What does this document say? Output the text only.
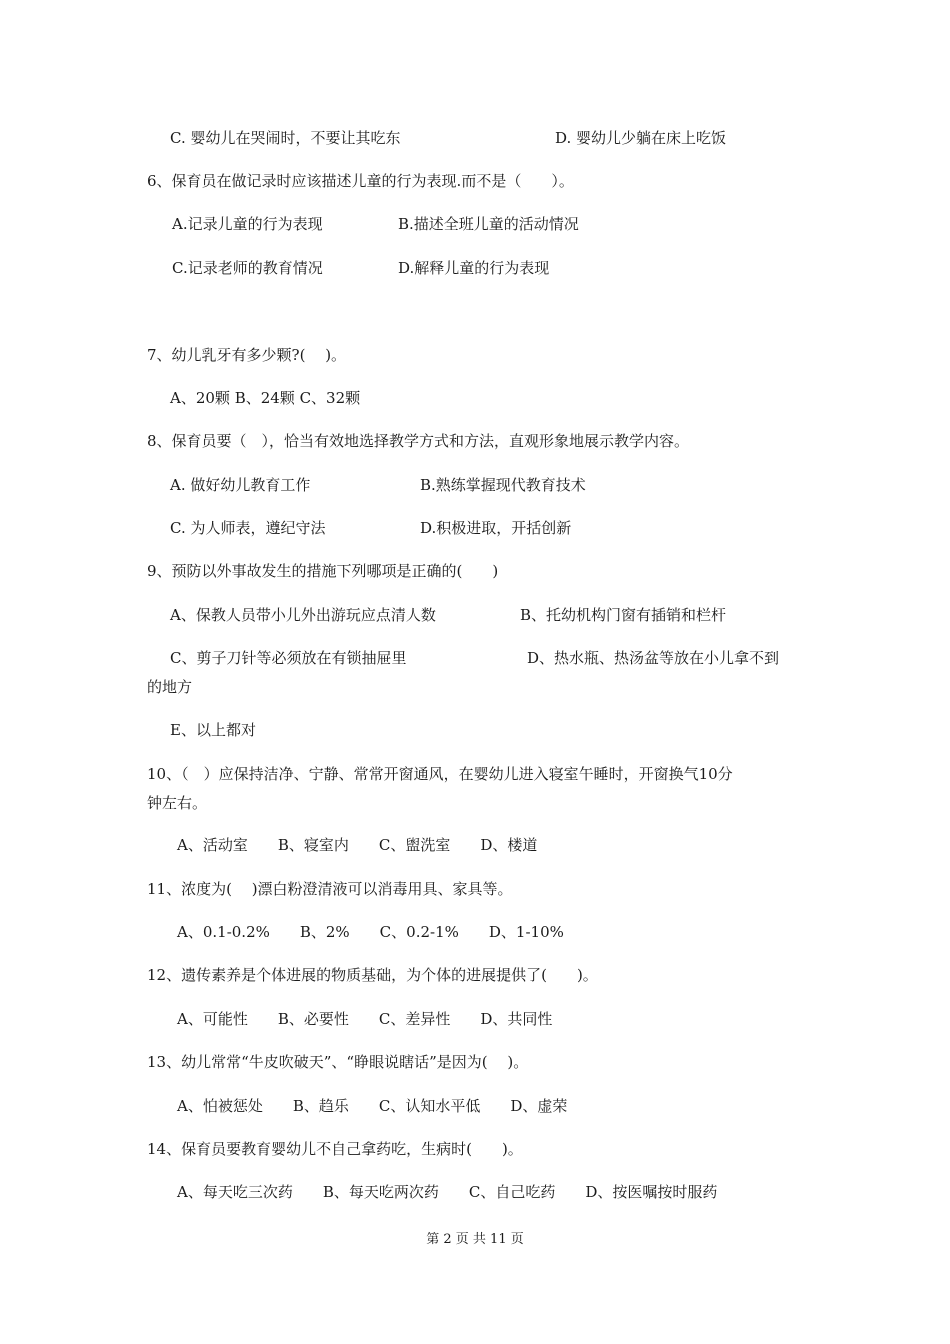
C. 婴幼儿在哭闹时，不要让其吃东	D. 婴幼儿少躺在床上吃饭
6、保育员在做记录时应该描述儿童的行为表现.而不是（　　）。
A.记录儿童的行为表现	B.描述全班儿童的活动情况
C.记录老师的教育情况	D.解释儿童的行为表现
7、幼儿乳牙有多少颗?(　 )。
A、20颗 B、24颗 C、32颗
8、保育员要（　），恰当有效地选择教学方式和方法，直观形象地展示教学内容。
A. 做好幼儿教育工作	B.熟练掌握现代教育技术
C. 为人师表，遵纪守法	D.积极进取，开括创新
9、预防以外事故发生的措施下列哪项是正确的(　　)
A、保教人员带小儿外出游玩应点清人数	B、托幼机构门窗有插销和栏杆
C、剪子刀针等必须放在有锁抽屉里	D、热水瓶、热汤盆等放在小儿拿不到
的地方
E、以上都对
10、（　）应保持洁净、宁静、常常开窗通风，在婴幼儿进入寝室午睡时，开窗换气10分
钟左右。
A、活动室　　B、寝室内　　C、盥洗室　　D、楼道
11、浓度为(　 )漂白粉澄清液可以消毒用具、家具等。
A、0.1-0.2%　　B、2%　　C、0.2-1%　　D、1-10%
12、遗传素养是个体进展的物质基础，为个体的进展提供了(　　)。
A、可能性　　B、必要性　　C、差异性　　D、共同性
13、幼儿常常“牛皮吹破天”、“睁眼说瞎话”是因为(　 )。
A、怕被惩处　　B、趋乐　　C、认知水平低　　D、虚荣
14、保育员要教育婴幼儿不自己拿药吃，生病时(　　)。
A、每天吃三次药　　B、每天吃两次药　　C、自己吃药　　D、按医嘱按时服药
第 2 页 共 11 页
